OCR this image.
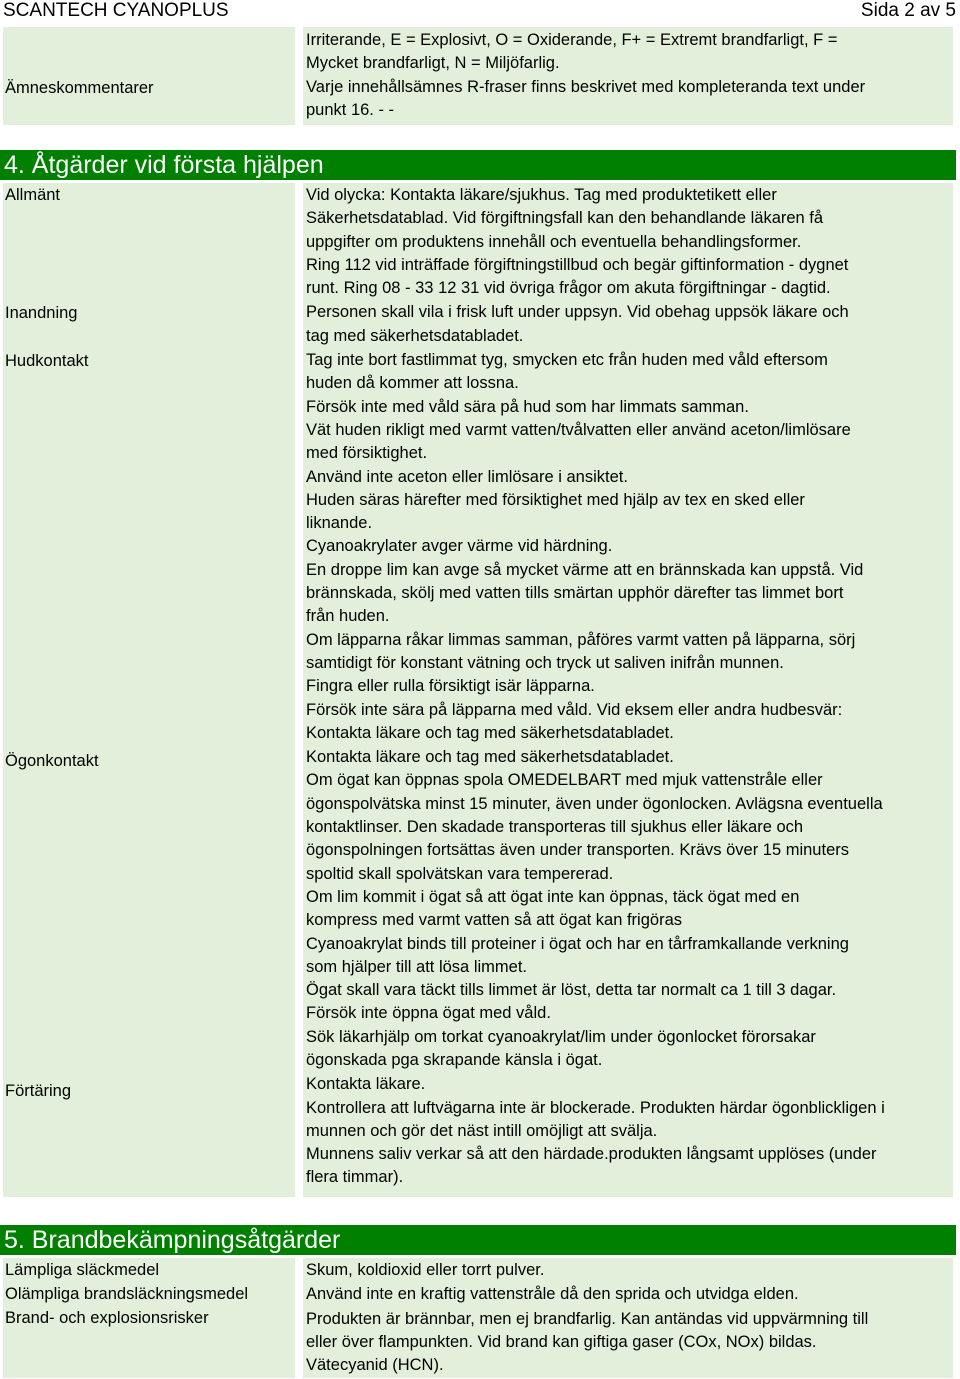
SCANTECH CYANOPLUS	Sida 2 av 5
Ämneskommentarer

Irriterande, E = Explosivt, O = Oxiderande, F+ = Extremt brandfarligt, F =

Mycket brandfarligt, N = Miljöfarlig.

Varje innehållsämnes R-fraser finns beskrivet med kompleteranda text under

punkt 16. - -

4. Åtgärder vid första hjälpen
Allmänt
Inandning
Hudkontakt
Ögonkontakt
Förtäring

Vid olycka: Kontakta läkare/sjukhus. Tag med produktetikett eller

Säkerhetsdatablad. Vid förgiftningsfall kan den behandlande läkaren få

uppgifter om produktens innehåll och eventuella behandlingsformer.

Ring 112 vid inträffade förgiftningstillbud och begär giftinformation - dygnet

runt. Ring 08 - 33 12 31 vid övriga frågor om akuta förgiftningar - dagtid.

Personen skall vila i frisk luft under uppsyn. Vid obehag uppsök läkare och

tag med säkerhetsdatabladet.

Tag inte bort fastlimmat tyg, smycken etc från huden med våld eftersom

huden då kommer att lossna.

Försök inte med våld sära på hud som har limmats samman.

Vät huden rikligt med varmt vatten/tvålvatten eller använd aceton/limlösare

med försiktighet.

Använd inte aceton eller limlösare i ansiktet.

Huden säras härefter med försiktighet med hjälp av tex en sked eller

liknande.

Cyanoakrylater avger värme vid härdning.

En droppe lim kan avge så mycket värme att en brännskada kan uppstå. Vid

brännskada, skölj med vatten tills smärtan upphör därefter tas limmet bort

från huden.

Om läpparna råkar limmas samman, påföres varmt vatten på läpparna, sörj

samtidigt för konstant vätning och tryck ut saliven inifrån munnen.

Fingra eller rulla försiktigt isär läpparna.

Försök inte sära på läpparna med våld. Vid eksem eller andra hudbesvär:

Kontakta läkare och tag med säkerhetsdatabladet.

Kontakta läkare och tag med säkerhetsdatabladet.

Om ögat kan öppnas spola OMEDELBART med mjuk vattenstråle eller

ögonspolvätska minst 15 minuter, även under ögonlocken. Avlägsna eventuella

kontaktlinser. Den skadade transporteras till sjukhus eller läkare och

ögonspolningen fortsättas även under transporten. Krävs över 15 minuters

spoltid skall spolvätskan vara tempererad.

Om lim kommit i ögat så att ögat inte kan öppnas, täck ögat med en

kompress med varmt vatten så att ögat kan frigöras

Cyanoakrylat binds till proteiner i ögat och har en tårframkallande verkning

som hjälper till att lösa limmet.

Ögat skall vara täckt tills limmet är löst, detta tar normalt ca 1 till 3 dagar.

Försök inte öppna ögat med våld.

Sök läkarhjälp om torkat cyanoakrylat/lim under ögonlocket förorsakar

ögonskada pga skrapande känsla i ögat.

Kontakta läkare.

Kontrollera att luftvägarna inte är blockerade. Produkten härdar ögonblickligen i

munnen och gör det näst intill omöjligt att svälja.

Munnens saliv verkar så att den härdade.produkten långsamt upplöses (under

flera timmar).

5. Brandbekämpningsåtgärder
Lämpliga släckmedel
Olämpliga brandsläckningsmedel
Brand- och explosionsrisker

Skum, koldioxid eller torrt pulver.

Använd inte en kraftig vattenstråle då den sprida och utvidga elden.

Produkten är brännbar, men ej brandfarlig. Kan antändas vid uppvärmning till

eller över flampunkten. Vid brand kan giftiga gaser (COx, NOx) bildas.

Vätecyanid (HCN).
